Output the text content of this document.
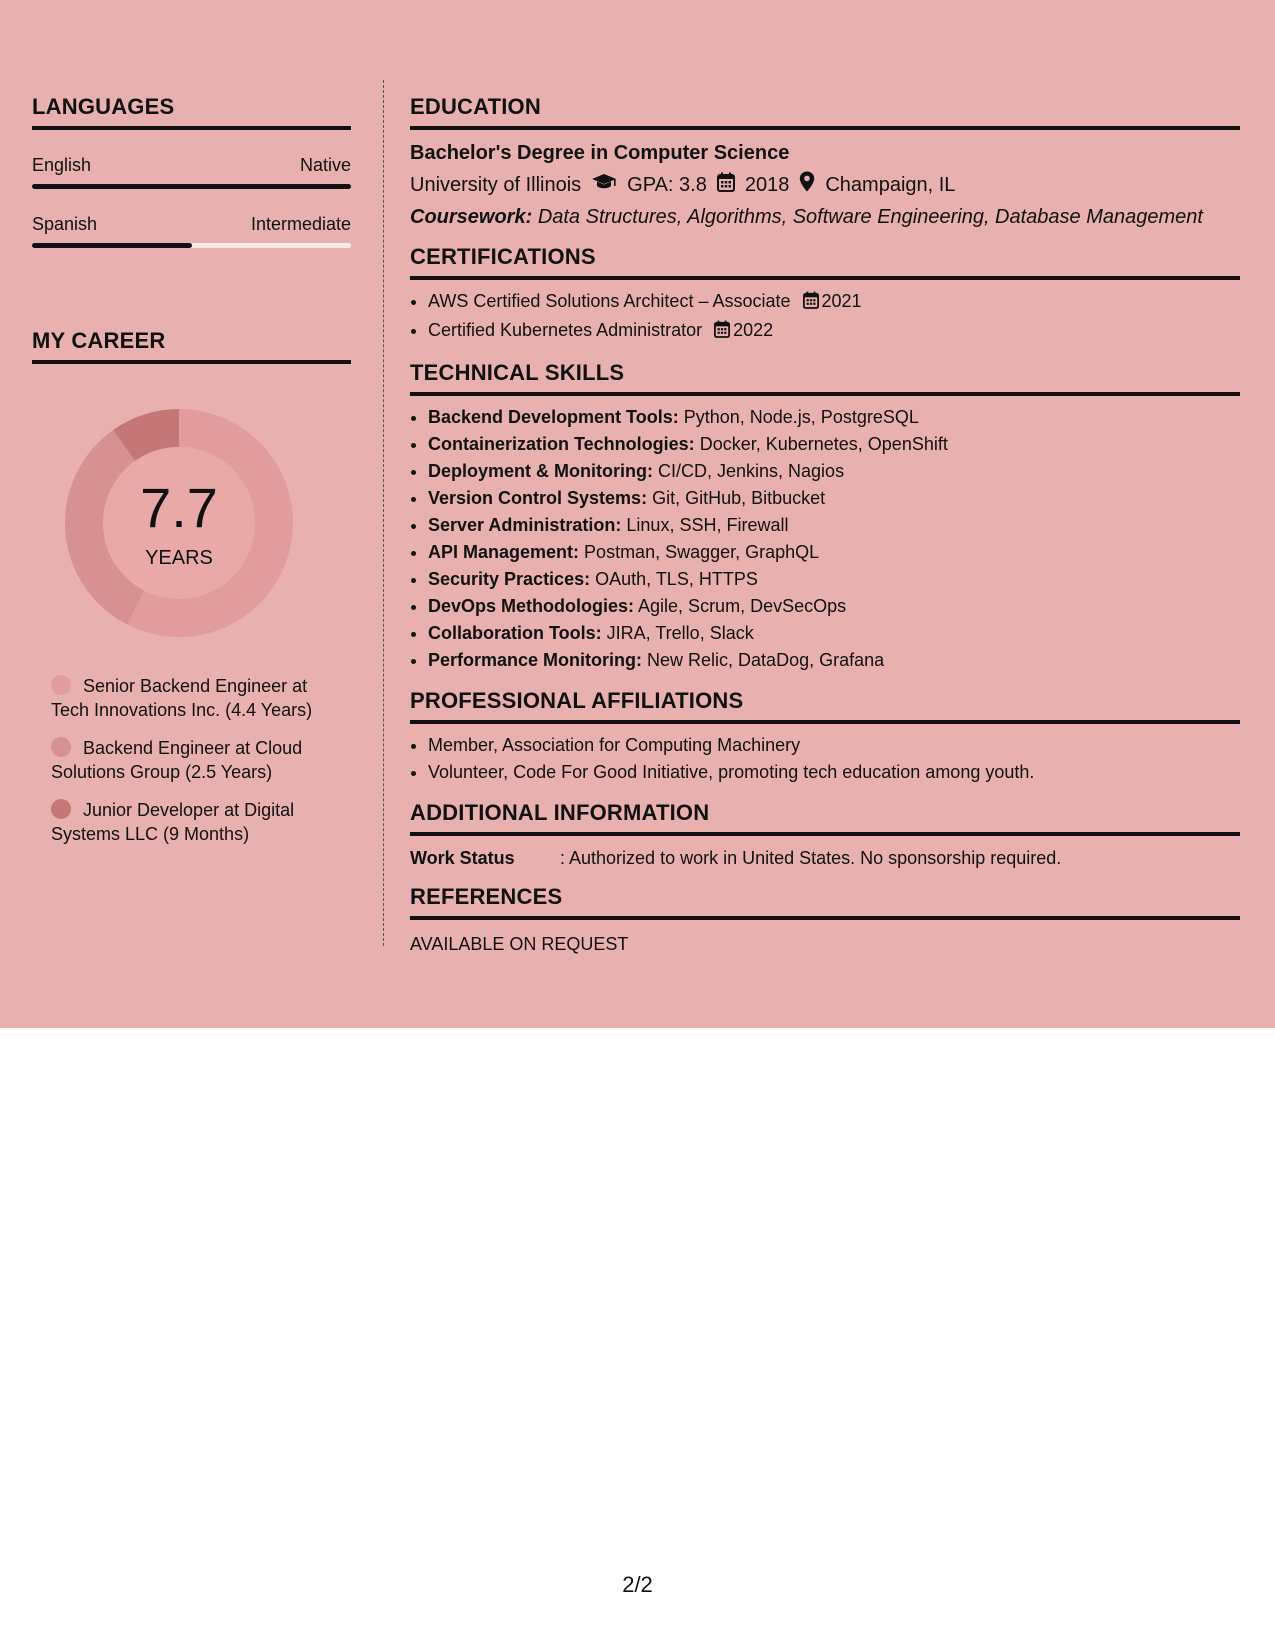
LANGUAGES
English	Native
Spanish	Intermediate
MY CAREER
7.7
YEARS
Senior Backend Engineer at Tech Innovations Inc. (4.4 Years)
Backend Engineer at Cloud Solutions Group (2.5 Years)
Junior Developer at Digital Systems LLC (9 Months)
EDUCATION
Bachelor's Degree in Computer Science
University of Illinois GPA: 3.8 2018 Champaign, IL
Coursework: Data Structures, Algorithms, Software Engineering, Database Management
CERTIFICATIONS
• AWS Certified Solutions Architect – Associate 2021
• Certified Kubernetes Administrator 2022
TECHNICAL SKILLS
• Backend Development Tools: Python, Node.js, PostgreSQL
• Containerization Technologies: Docker, Kubernetes, OpenShift
• Deployment & Monitoring: CI/CD, Jenkins, Nagios
• Version Control Systems: Git, GitHub, Bitbucket
• Server Administration: Linux, SSH, Firewall
• API Management: Postman, Swagger, GraphQL
• Security Practices: OAuth, TLS, HTTPS
• DevOps Methodologies: Agile, Scrum, DevSecOps
• Collaboration Tools: JIRA, Trello, Slack
• Performance Monitoring: New Relic, DataDog, Grafana
PROFESSIONAL AFFILIATIONS
• Member, Association for Computing Machinery
• Volunteer, Code For Good Initiative, promoting tech education among youth.
ADDITIONAL INFORMATION
Work Status	: Authorized to work in United States. No sponsorship required.
REFERENCES
AVAILABLE ON REQUEST
2/2
